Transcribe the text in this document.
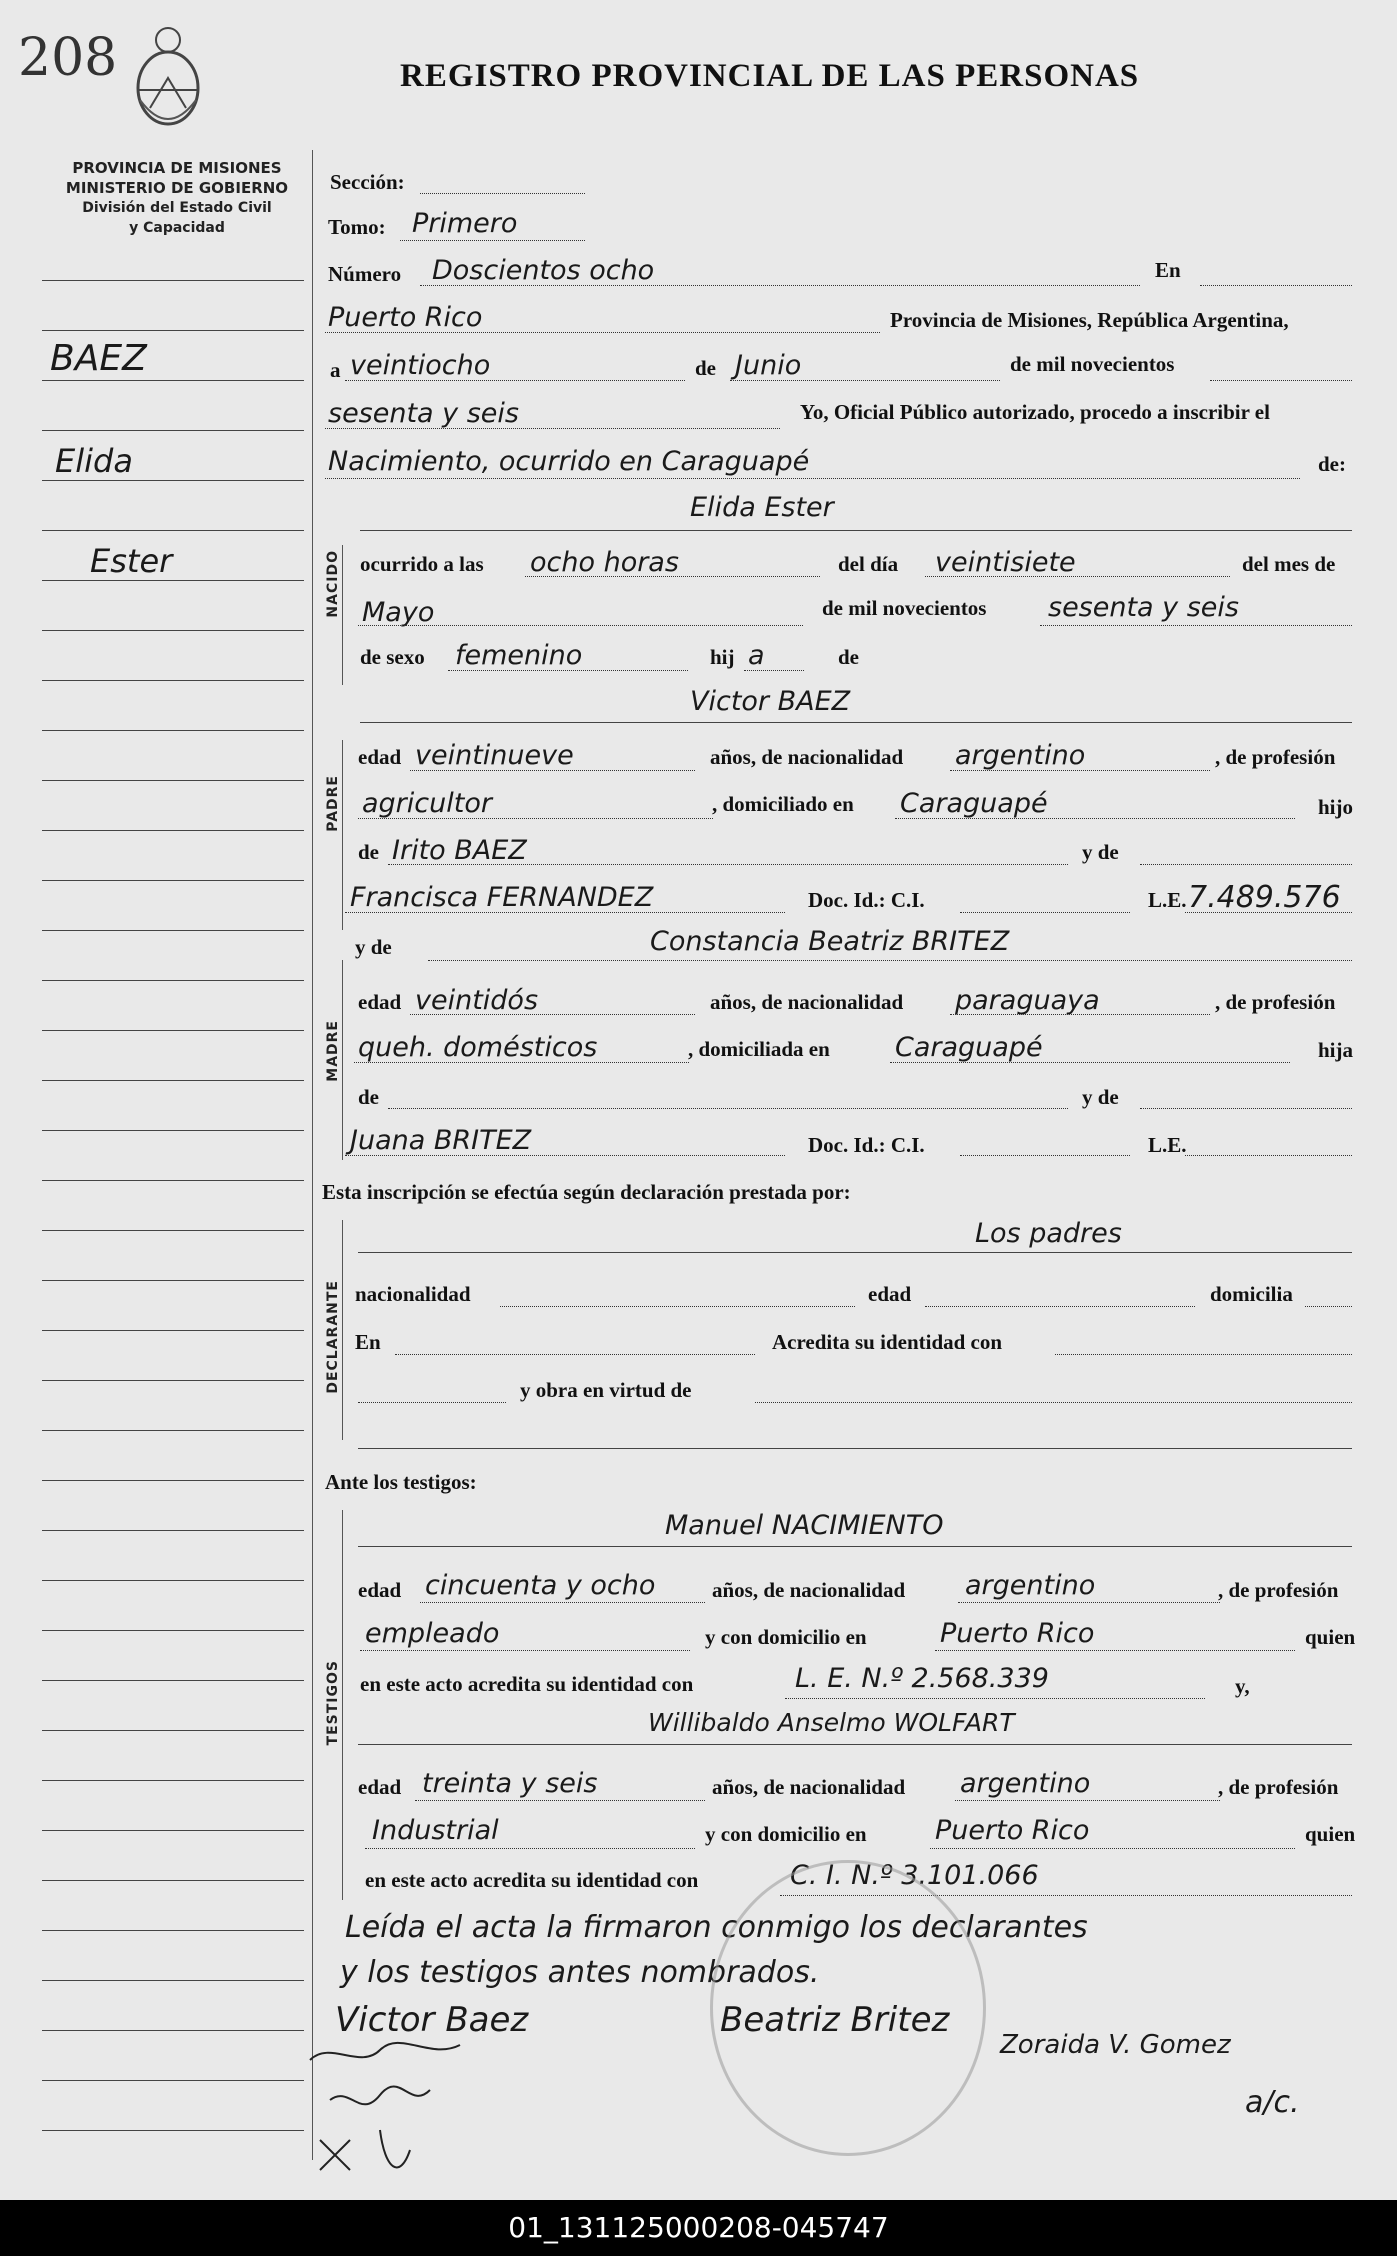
208	REGISTRO PROVINCIAL DE LAS PERSONAS
PROVINCIA DE MISIONES
MINISTERIO DE GOBIERNO
División del Estado Civil
y Capacidad
BAEZ
Elida
Ester
Sección:
Tomo: Primero
Número Doscientos ocho	En
Puerto Rico	Provincia de Misiones, República Argentina,
a veintiocho	de Junio	de mil novecientos
sesenta y seis	Yo, Oficial Público autorizado, procedo a inscribir el
Nacimiento, ocurrido en Caraguapé	de:
NACIDO
Elida Ester
ocurrido a las ocho horas	del día veintisiete	del mes de
Mayo	de mil novecientos sesenta y seis
de sexo femenino	hij a	de
PADRE
Victor BAEZ
edad veintinueve	años, de nacionalidad argentino	, de profesión
agricultor	, domiciliado en Caraguapé	hijo
de Irito BAEZ	y de
Francisca FERNANDEZ	Doc. Id.: C.I.	L.E. 7.489.576
MADRE
y de	Constancia Beatriz BRITEZ
edad veintidós	años, de nacionalidad paraguaya	, de profesión
queh. domésticos	, domiciliada en Caraguapé	hija
de	y de
Juana BRITEZ	Doc. Id.: C.I.	L.E.
Esta inscripción se efectúa según declaración prestada por:
DECLARANTE
Los padres
nacionalidad	edad	domicilia
En	Acredita su identidad con
y obra en virtud de
Ante los testigos:
TESTIGOS
Manuel NACIMIENTO
edad cincuenta y ocho	años, de nacionalidad argentino	, de profesión
empleado	y con domicilio en	Puerto Rico	quien
en este acto acredita su identidad con	L. E. N.º 2.568.339	y,
Willibaldo Anselmo WOLFART
edad treinta y seis	años, de nacionalidad argentino	, de profesión
Industrial	y con domicilio en	Puerto Rico	quien
en este acto acredita su identidad con	C. I. N.º 3.101.066
Leída el acta la firmaron conmigo los declarantes
y los testigos antes nombrados.
Victor Baez	Beatriz Britez
Zoraida V. Gomez
a/c.
01_131125000208-045747
